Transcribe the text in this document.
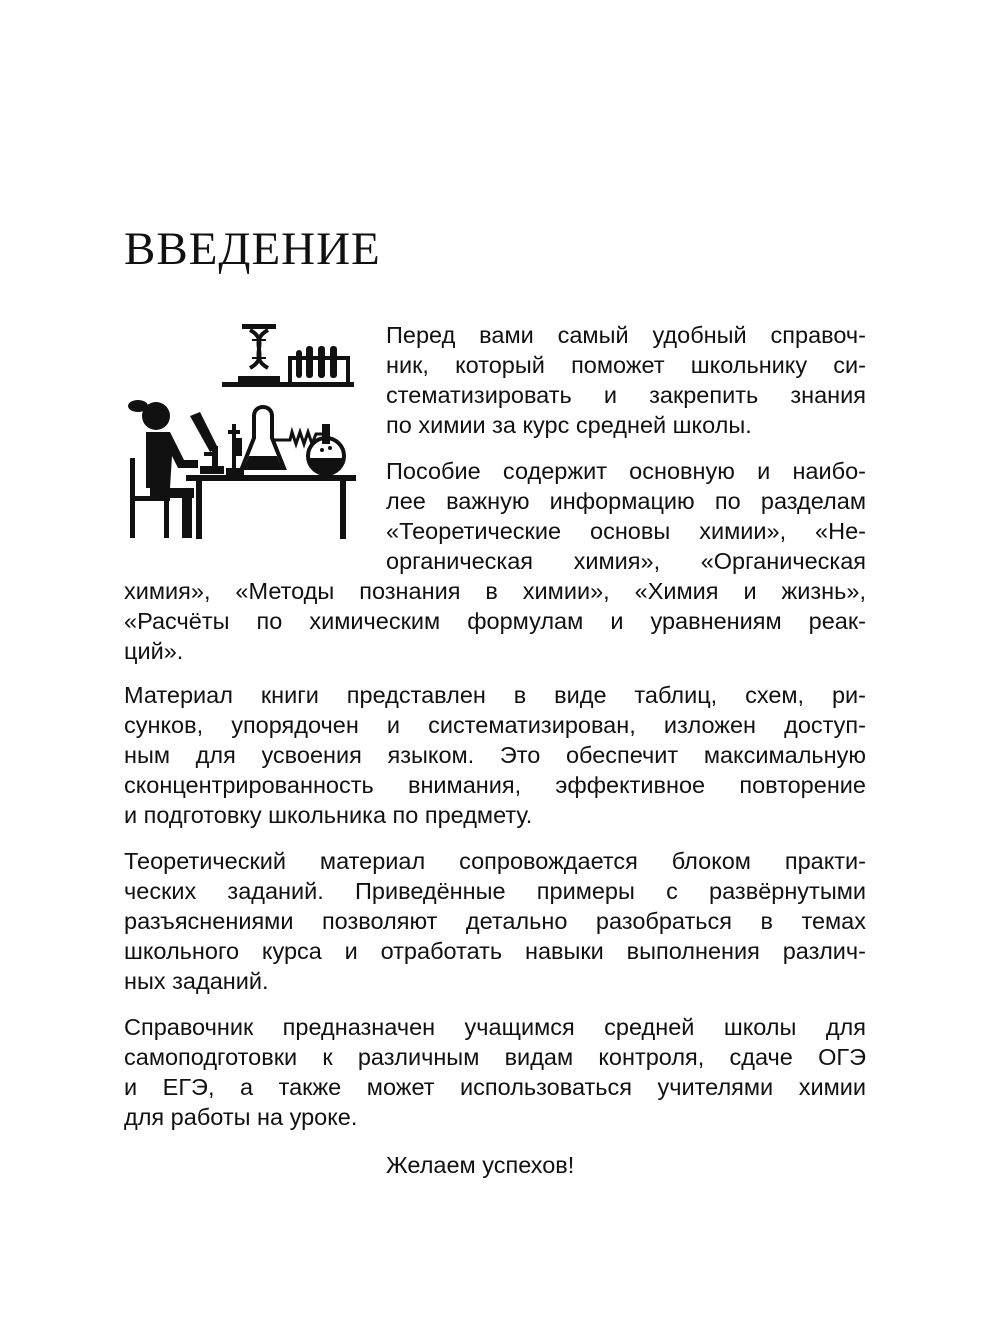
ВВЕДЕНИЕ

Перед вами самый удобный справоч-
ник, который поможет школьнику си-
стематизировать и закрепить знания
по химии за курс средней школы.

Пособие содержит основную и наибо-
лее важную информацию по разделам
«Теоретические основы химии», «Не-
органическая химия», «Органическая

химия», «Методы познания в химии», «Химия и жизнь»,
«Расчёты по химическим формулам и уравнениям реак-
ций».

Материал книги представлен в виде таблиц, схем, ри-
сунков, упорядочен и систематизирован, изложен доступ-
ным для усвоения языком. Это обеспечит максимальную
сконцентрированность внимания, эффективное повторение
и подготовку школьника по предмету.

Теоретический материал сопровождается блоком практи-
ческих заданий. Приведённые примеры с развёрнутыми
разъяснениями позволяют детально разобраться в темах
школьного курса и отработать навыки выполнения различ-
ных заданий.

Справочник предназначен учащимся средней школы для
самоподготовки к различным видам контроля, сдаче ОГЭ
и ЕГЭ, а также может использоваться учителями химии
для работы на уроке.

Желаем успехов!
